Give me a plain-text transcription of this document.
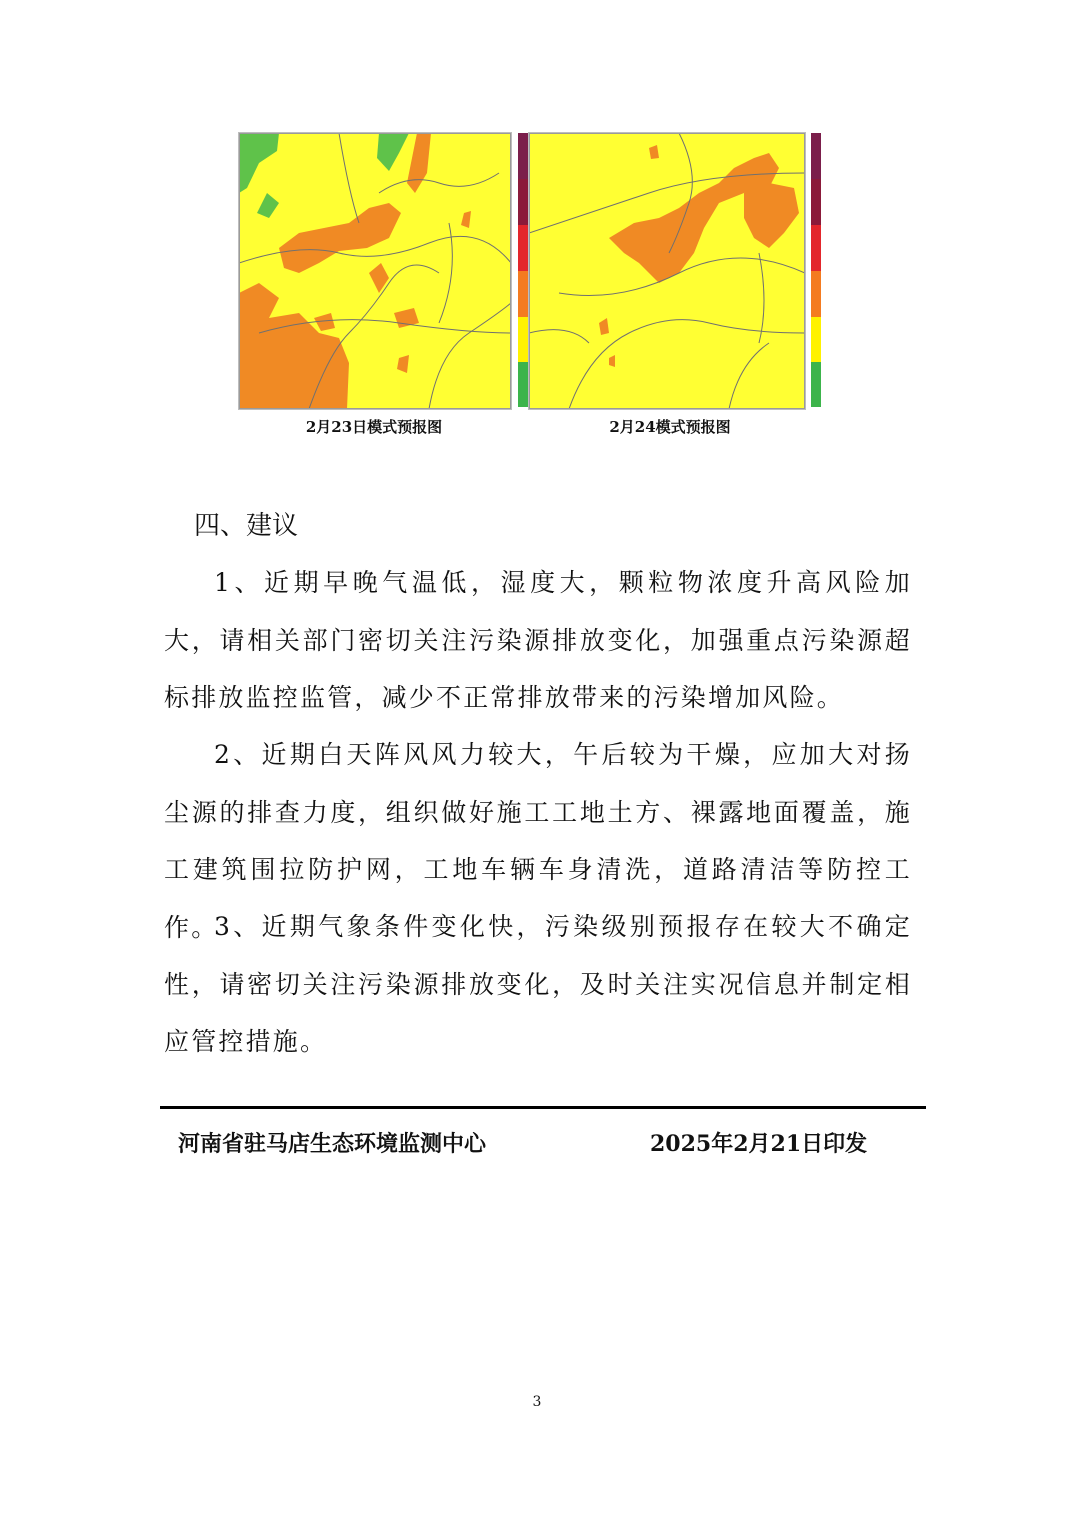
2月23日模式预报图	2月24模式预报图
四、建议
1、近期早晚气温低，湿度大，颗粒物浓度升高风险加大，请相关部门密切关注污染源排放变化，加强重点污染源超标排放监控监管，减少不正常排放带来的污染增加风险。
2、近期白天阵风风力较大，午后较为干燥，应加大对扬尘源的排查力度，组织做好施工工地土方、裸露地面覆盖，施工建筑围拉防护网，工地车辆车身清洗，道路清洁等防控工作。
3、近期气象条件变化快，污染级别预报存在较大不确定性，请密切关注污染源排放变化，及时关注实况信息并制定相应管控措施。
河南省驻马店生态环境监测中心	2025年2月21日印发
3
